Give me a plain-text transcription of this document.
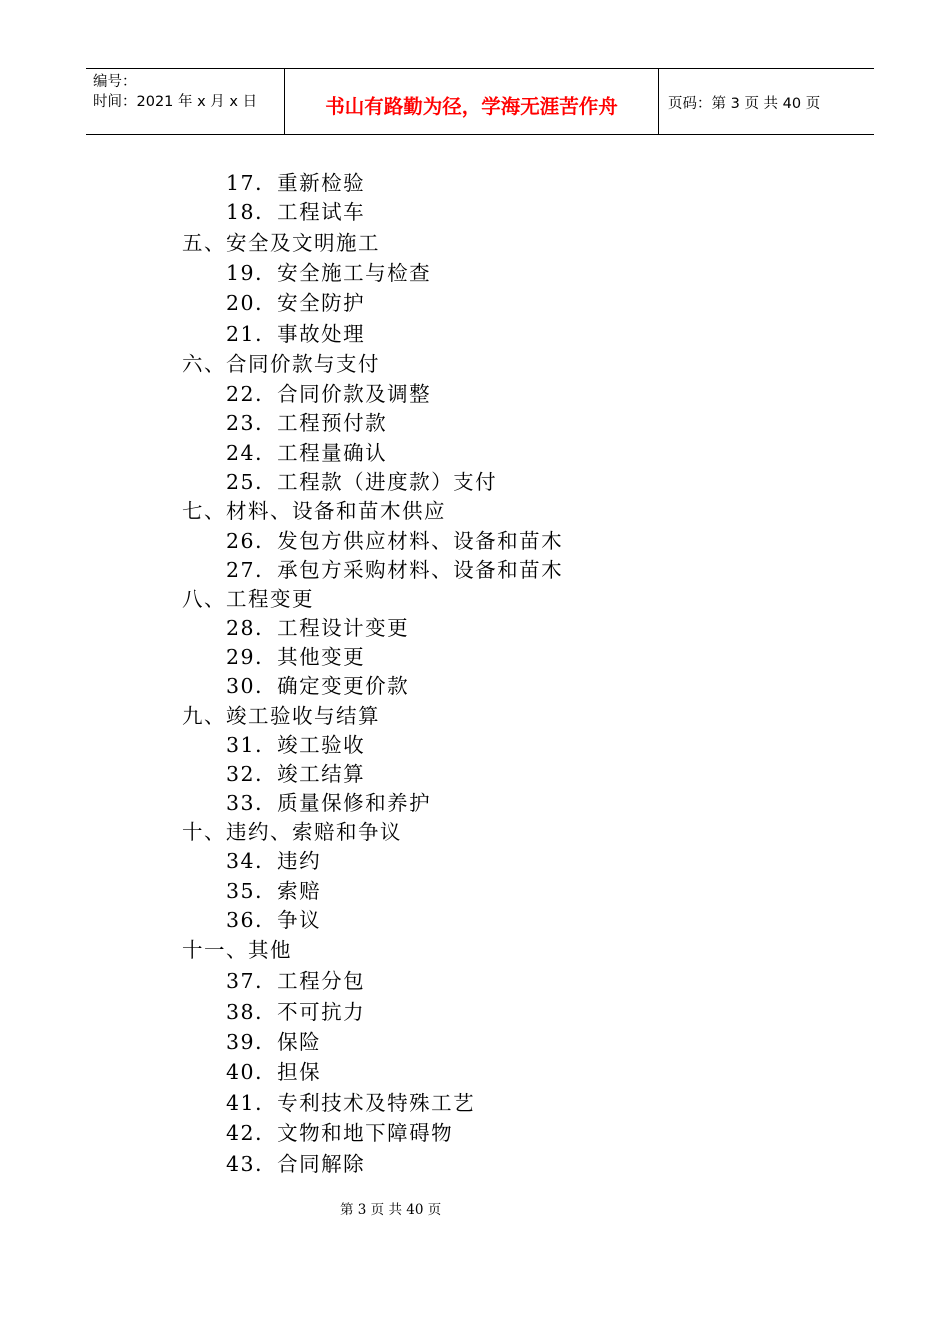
编号：
时间：2021 年 x 月 x 日	书山有路勤为径，学海无涯苦作舟	页码：第 3 页 共 40 页
17．重新检验
18．工程试车
五、安全及文明施工
19．安全施工与检查
20．安全防护
21．事故处理
六、合同价款与支付
22．合同价款及调整
23．工程预付款
24．工程量确认
25．工程款（进度款）支付
七、材料、设备和苗木供应
26．发包方供应材料、设备和苗木
27．承包方采购材料、设备和苗木
八、工程变更
28．工程设计变更
29．其他变更
30．确定变更价款
九、竣工验收与结算
31．竣工验收
32．竣工结算
33．质量保修和养护
十、违约、索赔和争议
34．违约
35．索赔
36．争议
十一、其他
37．工程分包
38．不可抗力
39．保险
40．担保
41．专利技术及特殊工艺
42．文物和地下障碍物
43．合同解除
第 3 页 共 40 页
